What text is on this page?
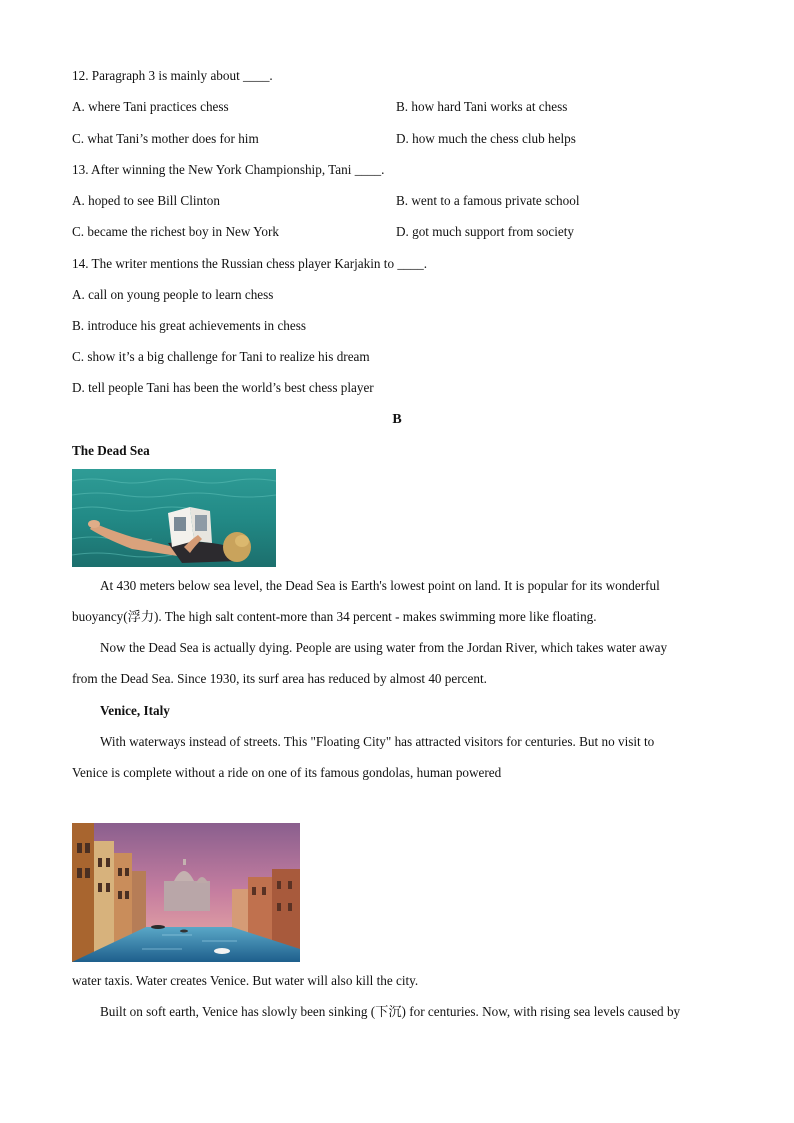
12. Paragraph 3 is mainly about ____.
A. where Tani practices chess	B. how hard Tani works at chess
C. what Tani’s mother does for him	D. how much the chess club helps
13. After winning the New York Championship, Tani ____.
A. hoped to see Bill Clinton	B. went to a famous private school
C. became the richest boy in New York	D. got much support from society
14. The writer mentions the Russian chess player Karjakin to ____.
A. call on young people to learn chess
B. introduce his great achievements in chess
C. show it’s a big challenge for Tani to realize his dream
D. tell people Tani has been the world’s best chess player
B
The Dead Sea
At 430 meters below sea level, the Dead Sea is Earth's lowest point on land. It is popular for its wonderful
buoyancy(浮力). The high salt content-more than 34 percent - makes swimming more like floating.
Now the Dead Sea is actually dying. People are using water from the Jordan River, which takes water away
from the Dead Sea. Since 1930, its surf area has reduced by almost 40 percent.
Venice, Italy
With waterways instead of streets. This "Floating City" has attracted visitors for centuries. But no visit to
Venice is complete without a ride on one of its famous gondolas, human powered
water taxis. Water creates Venice. But water will also kill the city.
Built on soft earth, Venice has slowly been sinking (下沉) for centuries. Now, with rising sea levels caused by
